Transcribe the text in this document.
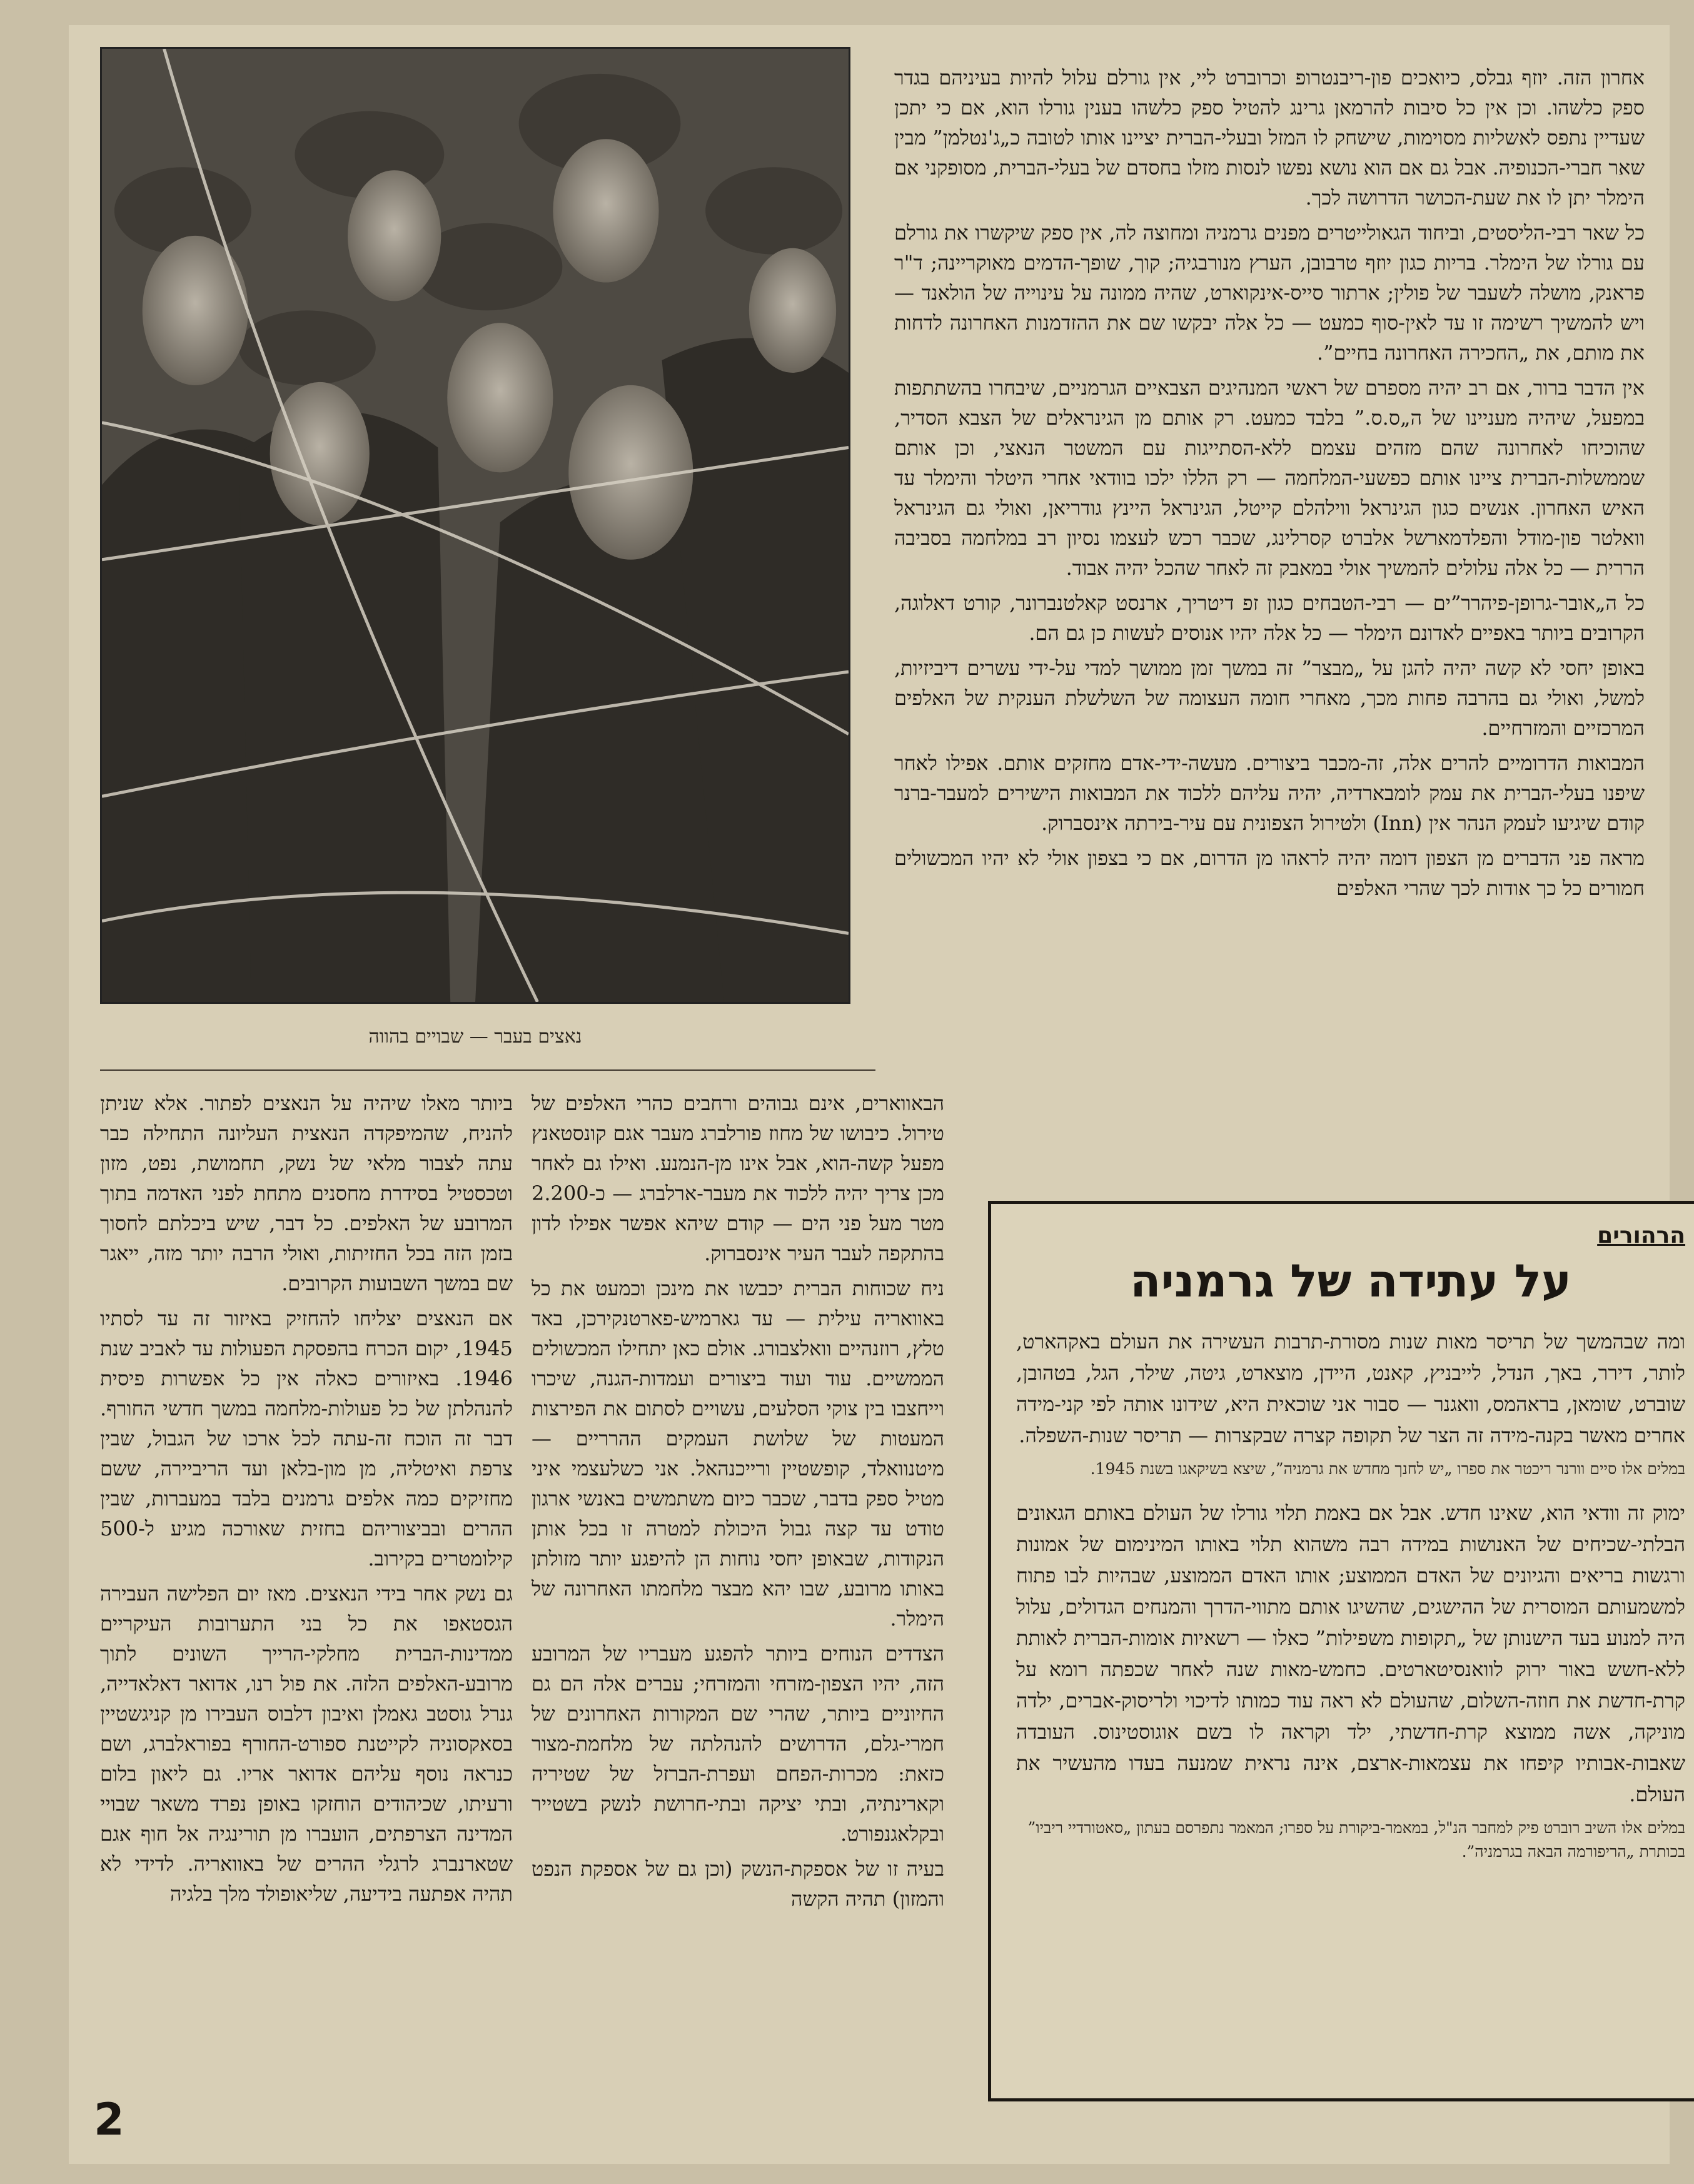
אחרון הזה. יוזף גבלס, כיואכים פון-ריבנטרופ וכרוברט ליי, אין גורלם עלול להיות בעיניהם בגדר ספק כלשהו. וכן אין כל סיבות להרמאן גרינג להטיל ספק כלשהו בענין גורלו הוא, אם כי יתכן שעדיין נתפס לאשליות מסוימות, שישחק לו המזל ובעלי-הברית יציינו אותו לטובה כ„ג'נטלמן” מבין שאר חברי-הכנופיה. אבל גם אם הוא נושא נפשו לנסות מזלו בחסדם של בעלי-הברית, מסופקני אם הימלר יתן לו את שעת-הכושר הדרושה לכך.

כל שאר רבי-הליסטים, וביחוד הגאולייטרים מפנים גרמניה ומחוצה לה, אין ספק שיקשרו את גורלם עם גורלו של הימלר. בריות כגון יוזף טרבובן, הערץ מנורבגיה; קוך, שופך-הדמים מאוקריינה; ד"ר פראנק, מושלה לשעבר של פולין; ארתור סייס-אינקוארט, שהיה ממונה על עינוייה של הולאנד — ויש להמשיך רשימה זו עד לאין-סוף כמעט — כל אלה יבקשו שם את ההזדמנות האחרונה לדחות את מותם, את „החכירה האחרונה בחיים”.

אין הדבר ברור, אם רב יהיה מספרם של ראשי המנהיגים הצבאיים הגרמניים, שיבחרו בהשתתפות במפעל, שיהיה מעניינו של ה„ס.ס.” בלבד כמעט. רק אותם מן הגינראלים של הצבא הסדיר, שהוכיחו לאחרונה שהם מזהים עצמם ללא-הסתייגות עם המשטר הנאצי, וכן אותם שממשלות-הברית ציינו אותם כפשעי-המלחמה — רק הללו ילכו בוודאי אחרי היטלר והימלר עד האיש האחרון. אנשים כגון הגינראל ווילהלם קייטל, הגינראל היינץ גודריאן, ואולי גם הגינראל וואלטר פון-מודל והפלדמארשל אלברט קסרלינג, שכבר רכש לעצמו נסיון רב במלחמה בסביבה הררית — כל אלה עלולים להמשיך אולי במאבק זה לאחר שהכל יהיה אבוד.

כל ה„אובר-גרופן-פיהרר”ים — רבי-הטבחים כגון זפ דיטריך, ארנסט קאלטנברונר, קורט דאלוגה, הקרובים ביותר באפיים לאדונם הימלר — כל אלה יהיו אנוסים לעשות כן גם הם.

באופן יחסי לא קשה יהיה להגן על „מבצר” זה במשך זמן ממושך למדי על-ידי עשרים דיביזיות, למשל, ואולי גם בהרבה פחות מכך, מאחרי חומה העצומה של השלשלת הענקית של האלפים המרכזיים והמזרחיים.

המבואות הדרומיים להרים אלה, זה-מכבר ביצורים. מעשה-ידי-אדם מחזקים אותם. אפילו לאחר שיפנו בעלי-הברית את עמק לומבארדיה, יהיה עליהם ללכוד את המבואות הישירים למעבר-ברנר קודם שיגיעו לעמק הנהר אין (Inn) ולטירול הצפונית עם עיר-בירתה אינסברוק.

מראה פני הדברים מן הצפון דומה יהיה לראהו מן הדרום, אם כי בצפון אולי לא יהיו המכשולים חמורים כל כך אודות לכך שהרי האלפים

נאצים בעבר — שבויים בהווה

הבאווארים, אינם גבוהים ורחבים כהרי האלפים של טירול. כיבושו של מחוז פורלברג מעבר אגם קונסטאנץ מפעל קשה-הוא, אבל אינו מן-הנמנע. ואילו גם לאחר מכן צריך יהיה ללכוד את מעבר-ארלברג — כ-2.200 מטר מעל פני הים — קודם שיהא אפשר אפילו לדון בהתקפה לעבר העיר אינסברוק.

ניח שכוחות הברית יכבשו את מינכן וכמעט את כל באוואריה עילית — עד גארמיש-פארטנקירכן, באד טלץ, רוזנהיים וואלצבורג. אולם כאן יתחילו המכשולים הממשיים. עוד ועוד ביצורים ועמדות-הגנה, שיכרו וייחצבו בין צוקי הסלעים, עשויים לסתום את הפירצות המעטות של שלושת העמקים ההרריים — מיטנוואלד, קופשטיין ורייכנהאל. אני כשלעצמי איני מטיל ספק בדבר, שכבר כיום משתמשים באנשי ארגון טודט עד קצה גבול היכולת למטרה זו בכל אותן הנקודות, שבאופן יחסי נוחות הן להיפגע יותר מזולתן באותו מרובע, שבו יהא מבצר מלחמתו האחרונה של הימלר.

הצדדים הנוחים ביותר להפגע מעבריו של המרובע הזה, יהיו הצפון-מזרחי והמזרחי; עברים אלה הם גם החיוניים ביותר, שהרי שם המקורות האחרונים של חמרי-גלם, הדרושים להנהלתה של מלחמת-מצור כזאת: מכרות-הפחם ועפרת-הברזל של שטיריה וקארינתיה, ובתי יציקה ובתי-חרושת לנשק בשטייר ובקלאגנפורט.

בעיה זו של אספקת-הנשק (וכן גם של אספקת הנפט והמזון) תהיה הקשה

ביותר מאלו שיהיה על הנאצים לפתור. אלא שניתן להניח, שהמיפקדה הנאצית העליונה התחילה כבר עתה לצבור מלאי של נשק, תחמושת, נפט, מזון וטכסטיל בסידרת מחסנים מתחת לפני האדמה בתוך המרובע של האלפים. כל דבר, שיש ביכלתם לחסוך בזמן הזה בכל החזיתות, ואולי הרבה יותר מזה, ייאגר שם במשך השבועות הקרובים.

אם הנאצים יצליחו להחזיק באיזור זה עד לסתיו 1945, יקום הכרח בהפסקת הפעולות עד לאביב שנת 1946. באיזורים כאלה אין כל אפשרות פיסית להנהלתן של כל פעולות-מלחמה במשך חדשי החורף. דבר זה הוכח זה-עתה לכל ארכו של הגבול, שבין צרפת ואיטליה, מן מון-בלאן ועד הריביירה, ששם מחזיקים כמה אלפים גרמנים בלבד במעברות, שבין ההרים ובביצוריהם בחזית שאורכה מגיע ל-500 קילומטרים בקירוב.

גם נשק אחר בידי הנאצים. מאז יום הפלישה העבירה הגסטאפו את כל בני התערובות העיקריים ממדינות-הברית מחלקי-הרייך השונים לתוך מרובע-האלפים הלזה. את פול רנו, אדואר דאלאדייה, גנרל גוסטב גאמלן ואיבון דלבוס העבירו מן קניגשטיין בסאקסוניה לקייטנת ספורט-החורף בפוראלברג, ושם כנראה נוסף עליהם אדואר אריו. גם ליאון בלום ורעיתו, שכיהודים הוחזקו באופן נפרד משאר שבויי המדינה הצרפתים, הועברו מן תורינגיה אל חוף אגם שטארנברג לרגלי ההרים של באוואריה. לדידי לא תהיה אפתעה בידיעה, שליאופולד מלך בלגיה

הרהורים
על עתידה של גרמניה

ומה שבהמשך של תריסר מאות שנות מסורת-תרבות העשירה את העולם באקהארט, לותר, דירר, באך, הנדל, לייבניץ, קאנט, היידן, מוצארט, גיטה, שילר, הגל, בטהובן, שוברט, שומאן, בראהמס, וואגנר — סבור אני שוכאית היא, שידונו אותה לפי קני-מידה אחרים מאשר בקנה-מידה זה הצר של תקופה קצרה שבקצרות — תריסר שנות-השפלה.

במלים אלו סיים וורנר ריכטר את ספרו „יש לחנך מחדש את גרמניה”, שיצא בשיקאגו בשנת 1945.

ימוק זה וודאי הוא, שאינו חדש. אבל אם באמת תלוי גורלו של העולם באותם הגאונים הבלתי-שכיחים של האנושות במידה רבה משהוא תלוי באותו המינימום של אמונות ורגשות בריאים והגיונים של האדם הממוצע; אותו האדם הממוצע, שבהיות לבו פתוח למשמעותם המוסרית של ההישגים, שהשיגו אותם מתווי-הדרך והמנחים הגדולים, עלול היה למנוע בעד הישנותן של „תקופות משפילות” כאלו — רשאיות אומות-הברית לאותת ללא-חשש באור ירוק לוואנסיטארטים. כחמש-מאות שנה לאחר שכפתה רומא על קרת-חדשת את חוזה-השלום, שהעולם לא ראה עוד כמותו לדיכוי ולריסוק-אברים, ילדה מוניקה, אשה ממוצא קרת-חדשתי, ילד וקראה לו בשם אוגוסטינוס. העובדה שאבות-אבותיו קיפחו את עצמאות-ארצם, אינה נראית שמנעה בעדו מהעשיר את העולם.

במלים אלו השיב רוברט פיק למחבר הנ"ל, במאמר-ביקורת על ספרו; המאמר נתפרסם בעתון „סאטורדיי ריביו” בכותרת „הריפורמה הבאה בגרמניה”.

2
